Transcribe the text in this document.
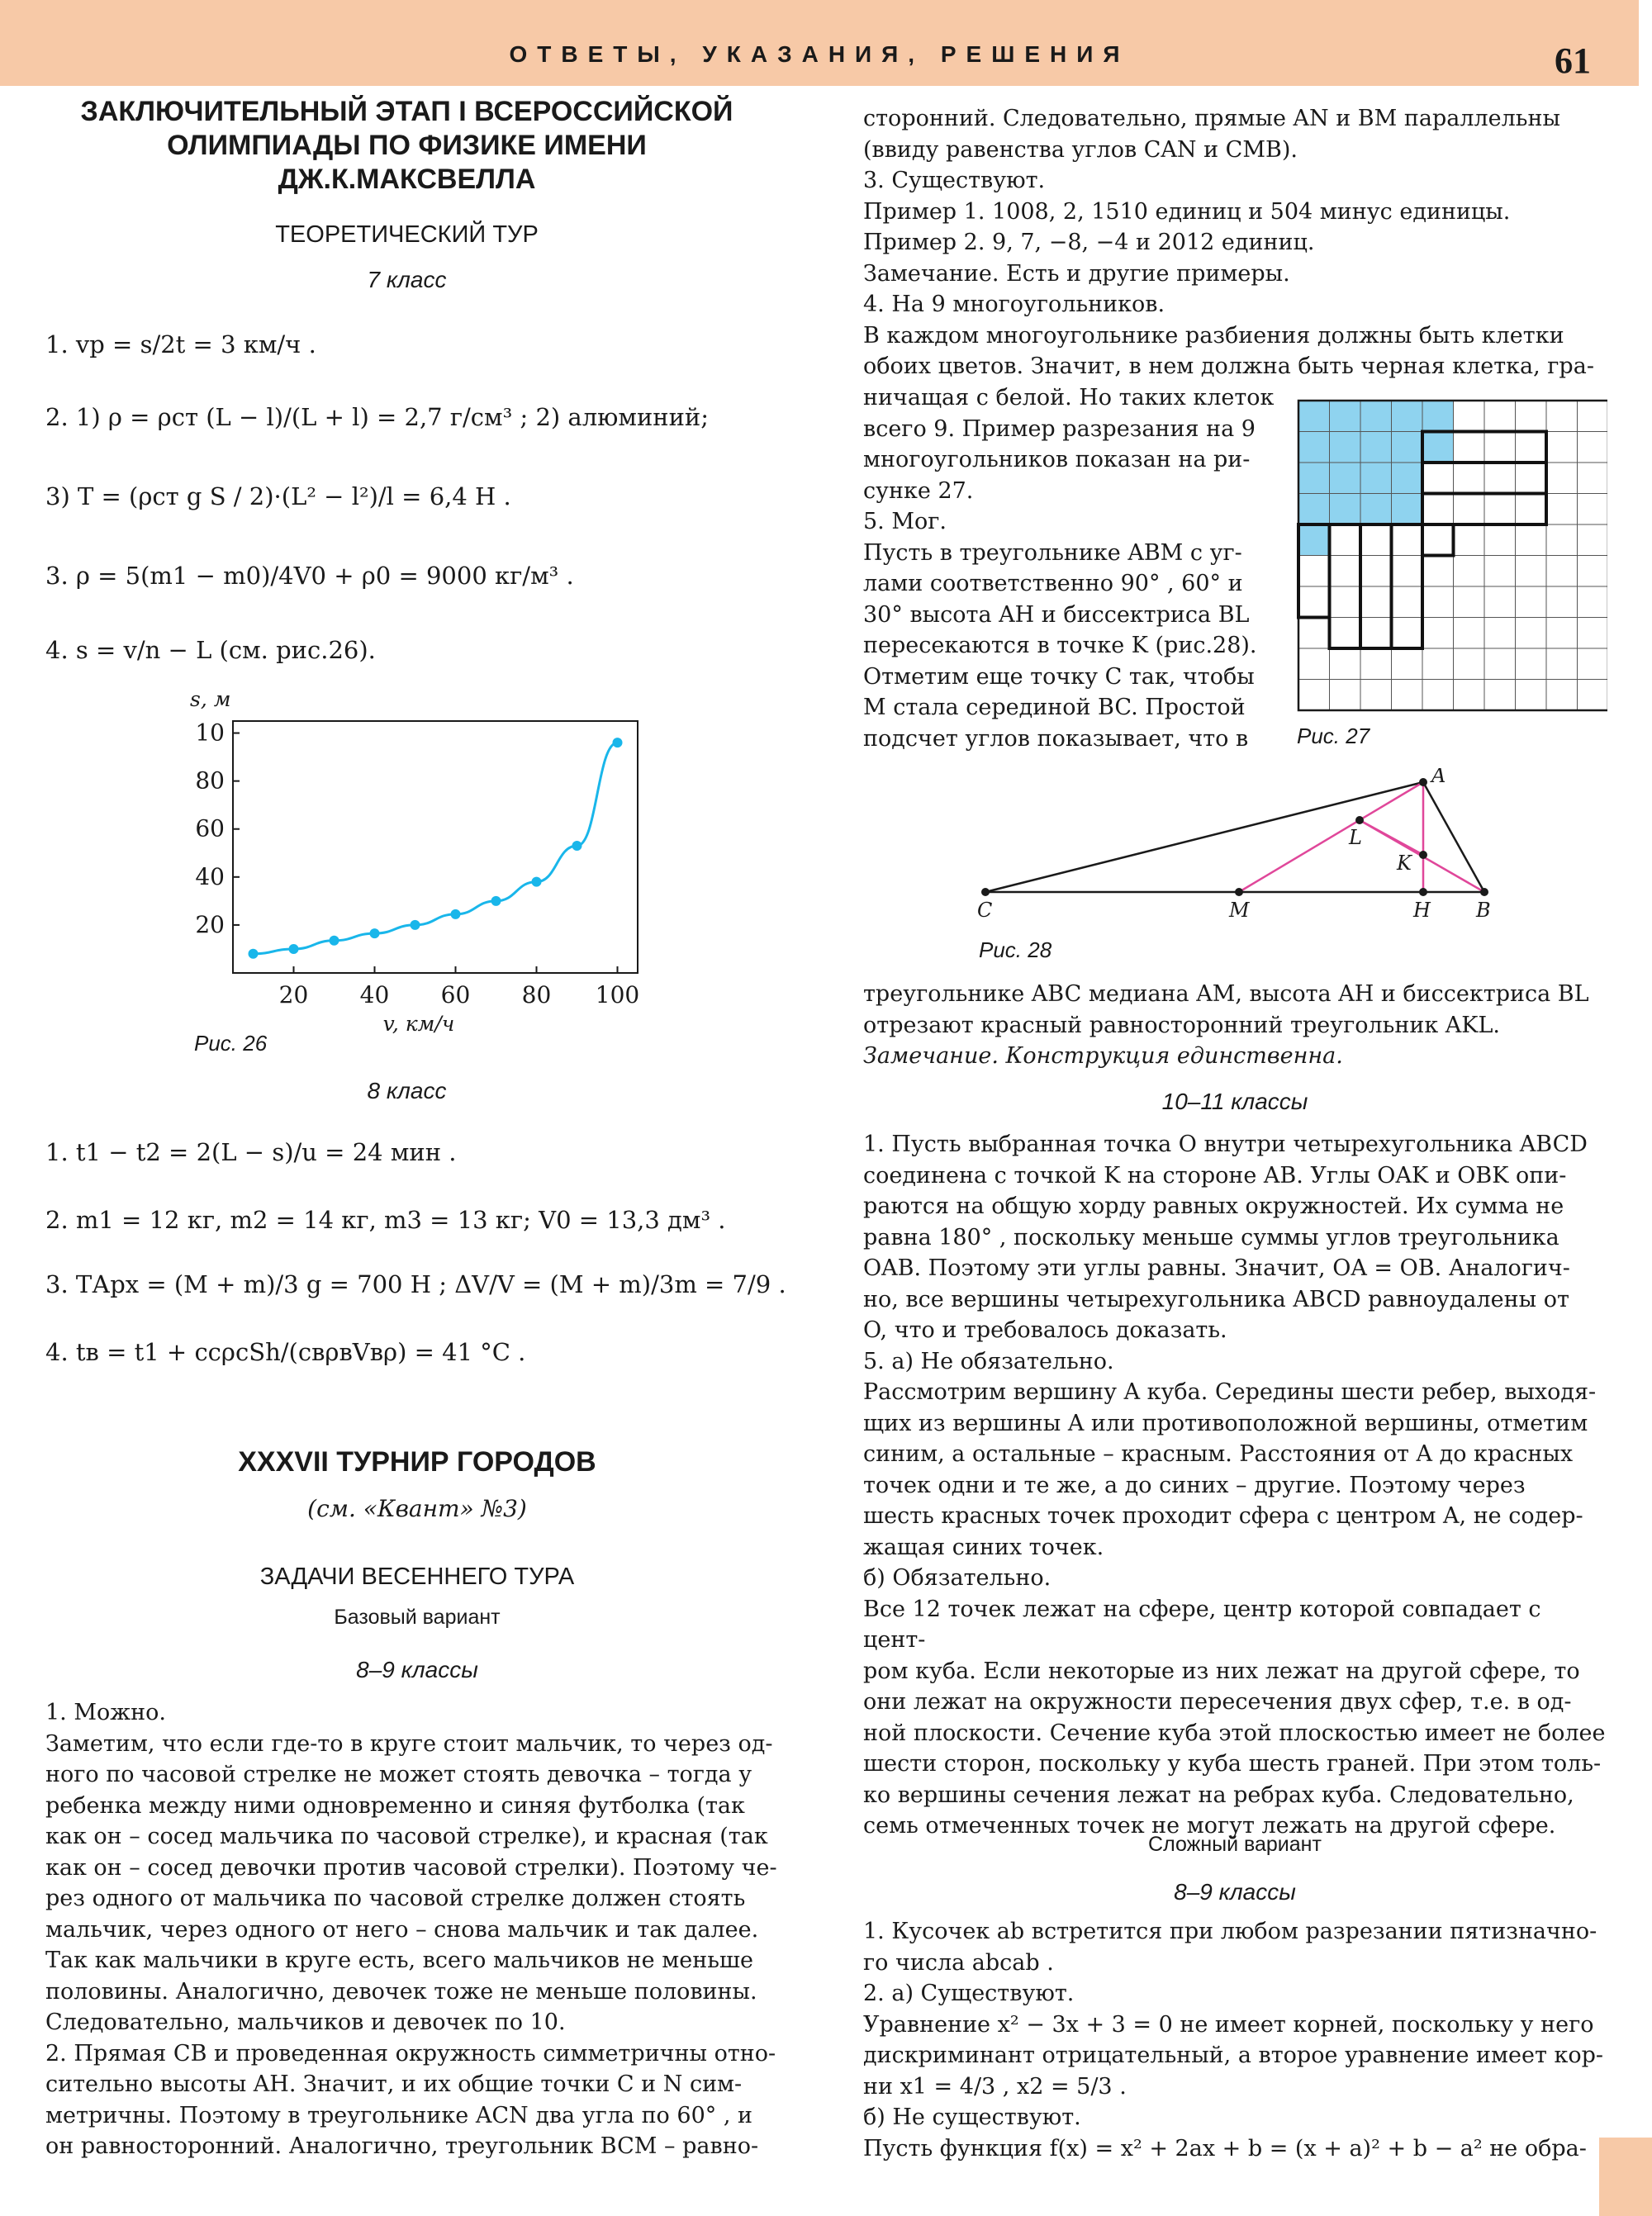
ОТВЕТЫ, УКАЗАНИЯ, РЕШЕНИЯ	61
ЗАКЛЮЧИТЕЛЬНЫЙ ЭТАП I ВСЕРОССИЙСКОЙ
ОЛИМПИАДЫ ПО ФИЗИКЕ ИМЕНИ
ДЖ.К.МАКСВЕЛЛА
ТЕОРЕТИЧЕСКИЙ ТУР
7 класс
1. vр = s/2t = 3 км/ч .
2. 1) ρ = ρст (L − l)/(L + l) = 2,7 г/см³ ; 2) алюминий;
3) T = (ρст g S / 2)·(L² − l²)/l = 6,4 Н .
3. ρ = 5(m1 − m0)/4V0 + ρ0 = 9000 кг/м³ .
4. s = v/n − L (см. рис.26).
20 40 60 80 100
20
40
60
80
10
s, м
v, км/ч
Рис. 26
8 класс
1. t1 − t2 = 2(L − s)/u = 24 мин .
2. m1 = 12 кг, m2 = 14 кг, m3 = 13 кг; V0 = 13,3 дм³ .
3. TАрх = (M + m)/3 g = 700 Н ; ΔV/V = (M + m)/3m = 7/9 .
4. tв = t1 + cсρсSh/(cвρвVвρ) = 41 °С .
XXXVII ТУРНИР ГОРОДОВ
(см. «Квант» №3)
ЗАДАЧИ ВЕСЕННЕГО ТУРА
Базовый вариант
8–9 классы

1. Можно.

Заметим, что если где-то в круге стоит мальчик, то через од-

ного по часовой стрелке не может стоять девочка – тогда у

ребенка между ними одновременно и синяя футболка (так

как он – сосед мальчика по часовой стрелке), и красная (так

как он – сосед девочки против часовой стрелки). Поэтому че-

рез одного от мальчика по часовой стрелке должен стоять

мальчик, через одного от него – снова мальчик и так далее.

Так как мальчики в круге есть, всего мальчиков не меньше

половины. Аналогично, девочек тоже не меньше половины.

Следовательно, мальчиков и девочек по 10.

2. Прямая CB и проведенная окружность симметричны отно-

сительно высоты AH. Значит, и их общие точки C и N сим-

метричны. Поэтому в треугольнике ACN два угла по 60° , и

он равносторонний. Аналогично, треугольник BCM – равно-

сторонний. Следовательно, прямые AN и BM параллельны

(ввиду равенства углов CAN и CMB).

3. Существуют.

Пример 1. 1008, 2, 1510 единиц и 504 минус единицы.

Пример 2. 9, 7, −8, −4 и 2012 единиц.

Замечание. Есть и другие примеры.

4. На 9 многоугольников.

В каждом многоугольнике разбиения должны быть клетки

обоих цветов. Значит, в нем должна быть черная клетка, гра-

ничащая с белой. Но таких клеток

всего 9. Пример разрезания на 9

многоугольников показан на ри-

сунке 27.

5. Мог.

Пусть в треугольнике ABM с уг-

лами соответственно 90° , 60° и

30° высота AH и биссектриса BL

пересекаются в точке K (рис.28).

Отметим еще точку C так, чтобы

M стала серединой BC. Простой

подсчет углов показывает, что в	Рис. 27
A
C	M	H B
L
K
Рис. 28

треугольнике ABC медиана AM, высота AH и биссектриса BL

отрезают красный равносторонний треугольник AKL.

Замечание. Конструкция единственна.

10–11 классы

1. Пусть выбранная точка O внутри четырехугольника ABCD

соединена с точкой K на стороне AB. Углы OAK и OBK опи-

раются на общую хорду равных окружностей. Их сумма не

равна 180° , поскольку меньше суммы углов треугольника

OAB. Поэтому эти углы равны. Значит, OA = OB. Аналогич-

но, все вершины четырехугольника ABCD равноудалены от

O, что и требовалось доказать.

5. а) Не обязательно.

Рассмотрим вершину A куба. Середины шести ребер, выходя-

щих из вершины A или противоположной вершины, отметим

синим, а остальные – красным. Расстояния от A до красных

точек одни и те же, а до синих – другие. Поэтому через

шесть красных точек проходит сфера с центром A, не содер-

жащая синих точек.

б) Обязательно.

Все 12 точек лежат на сфере, центр которой совпадает с цент-

ром куба. Если некоторые из них лежат на другой сфере, то

они лежат на окружности пересечения двух сфер, т.е. в од-

ной плоскости. Сечение куба этой плоскостью имеет не более

шести сторон, поскольку у куба шесть граней. При этом толь-

ко вершины сечения лежат на ребрах куба. Следовательно,

семь отмеченных точек не могут лежать на другой сфере.

Сложный вариант
8–9 классы

1. Кусочек ab встретится при любом разрезании пятизначно-

го числа abcab .

2. а) Существуют.

Уравнение x² − 3x + 3 = 0 не имеет корней, поскольку у него

дискриминант отрицательный, а второе уравнение имеет кор-

ни x1 = 4/3 , x2 = 5/3 .

б) Не существуют.

Пусть функция f(x) = x² + 2ax + b = (x + a)² + b − a² не обра-
